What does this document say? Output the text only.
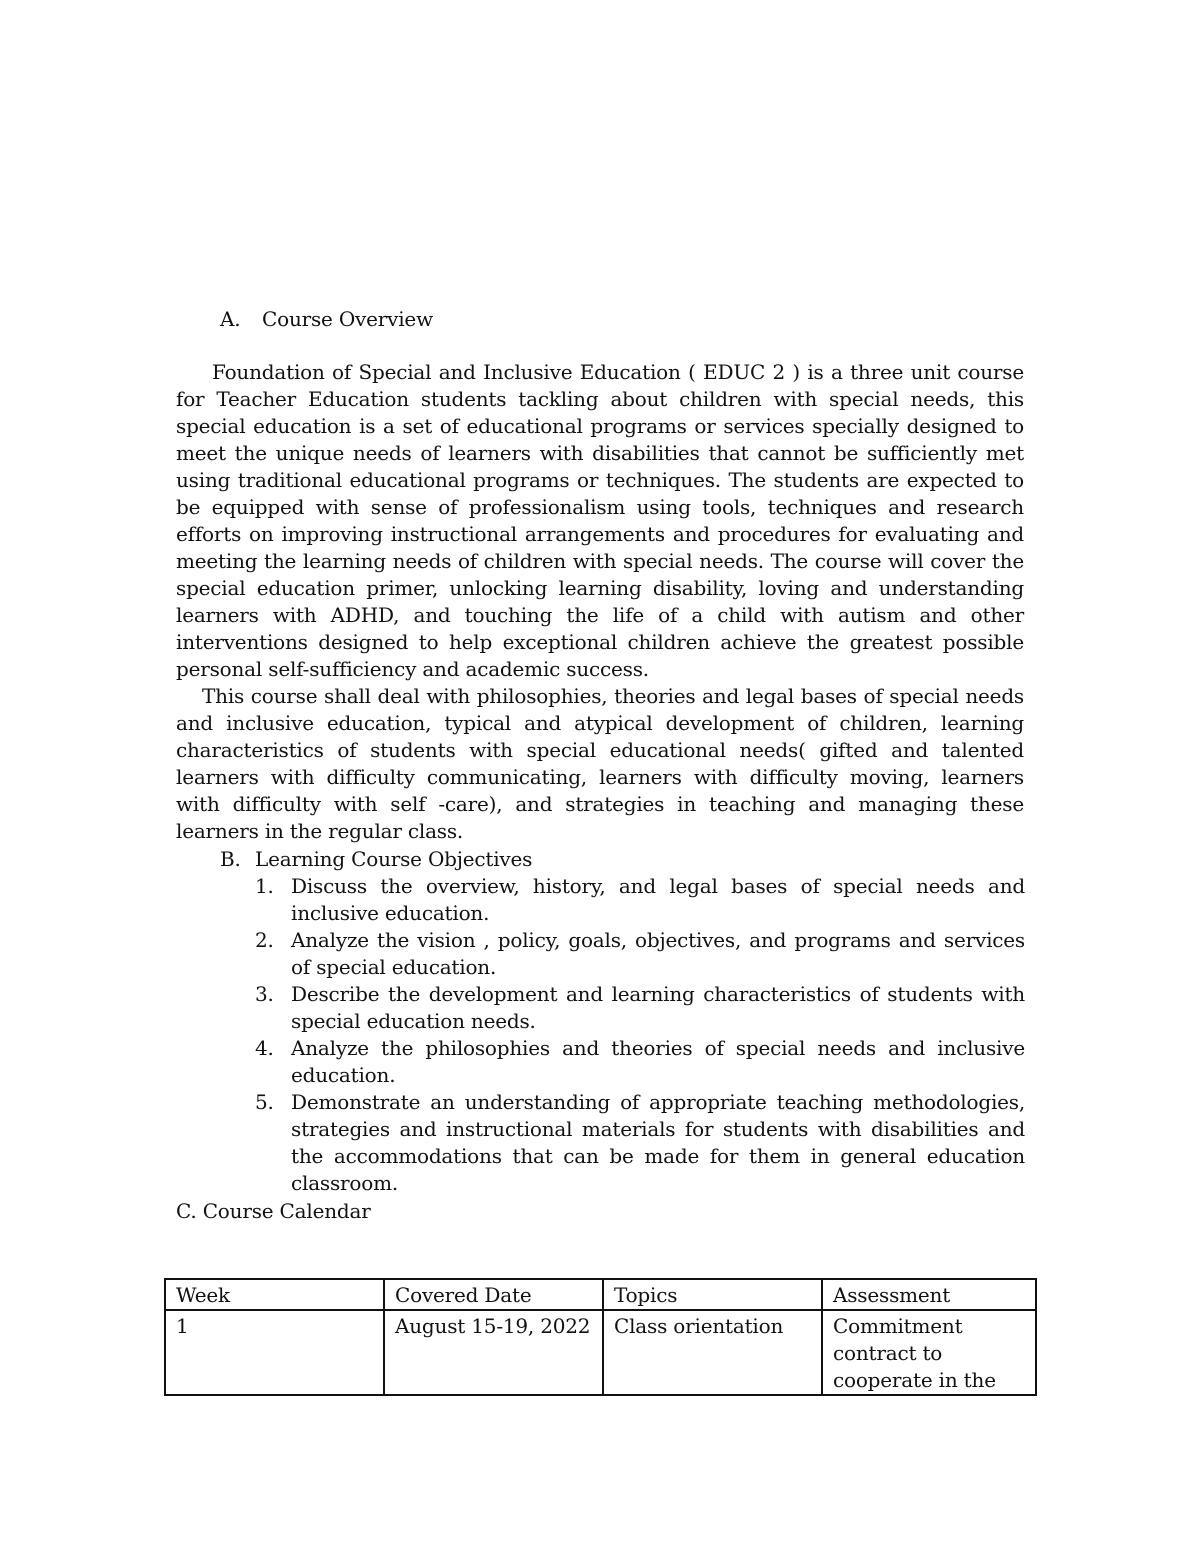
A. Course Overview

Foundation of Special and Inclusive Education ( EDUC 2 ) is a three unit course for Teacher Education students tackling about children with special needs, this special education is a set of educational programs or services specially designed to meet the unique needs of learners with disabilities that cannot be sufficiently met using traditional educational programs or techniques. The students are expected to be equipped with sense of professionalism using tools, techniques and research efforts on improving instructional arrangements and procedures for evaluating and meeting the learning needs of children with special needs. The course will cover the special education primer, unlocking learning disability, loving and understanding learners with ADHD, and touching the life of a child with autism and other interventions designed to help exceptional children achieve the greatest possible personal self-sufficiency and academic success.

This course shall deal with philosophies, theories and legal bases of special needs and inclusive education, typical and atypical development of children, learning characteristics of students with special educational needs( gifted and talented learners with difficulty communicating, learners with difficulty moving, learners with difficulty with self -care), and strategies in teaching and managing these learners in the regular class.

B. Learning Course Objectives
1. Discuss the overview, history, and legal bases of special needs and inclusive education.
2. Analyze the vision , policy, goals, objectives, and programs and services of special education.
3. Describe the development and learning characteristics of students with special education needs.
4. Analyze the philosophies and theories of special needs and inclusive education.
5. Demonstrate an understanding of appropriate teaching methodologies, strategies and instructional materials for students with disabilities and the accommodations that can be made for them in general education classroom.
C. Course Calendar
Week	Covered Date	Topics	Assessment
1	August 15-19, 2022	Class orientation	Commitment contract to cooperate in the
